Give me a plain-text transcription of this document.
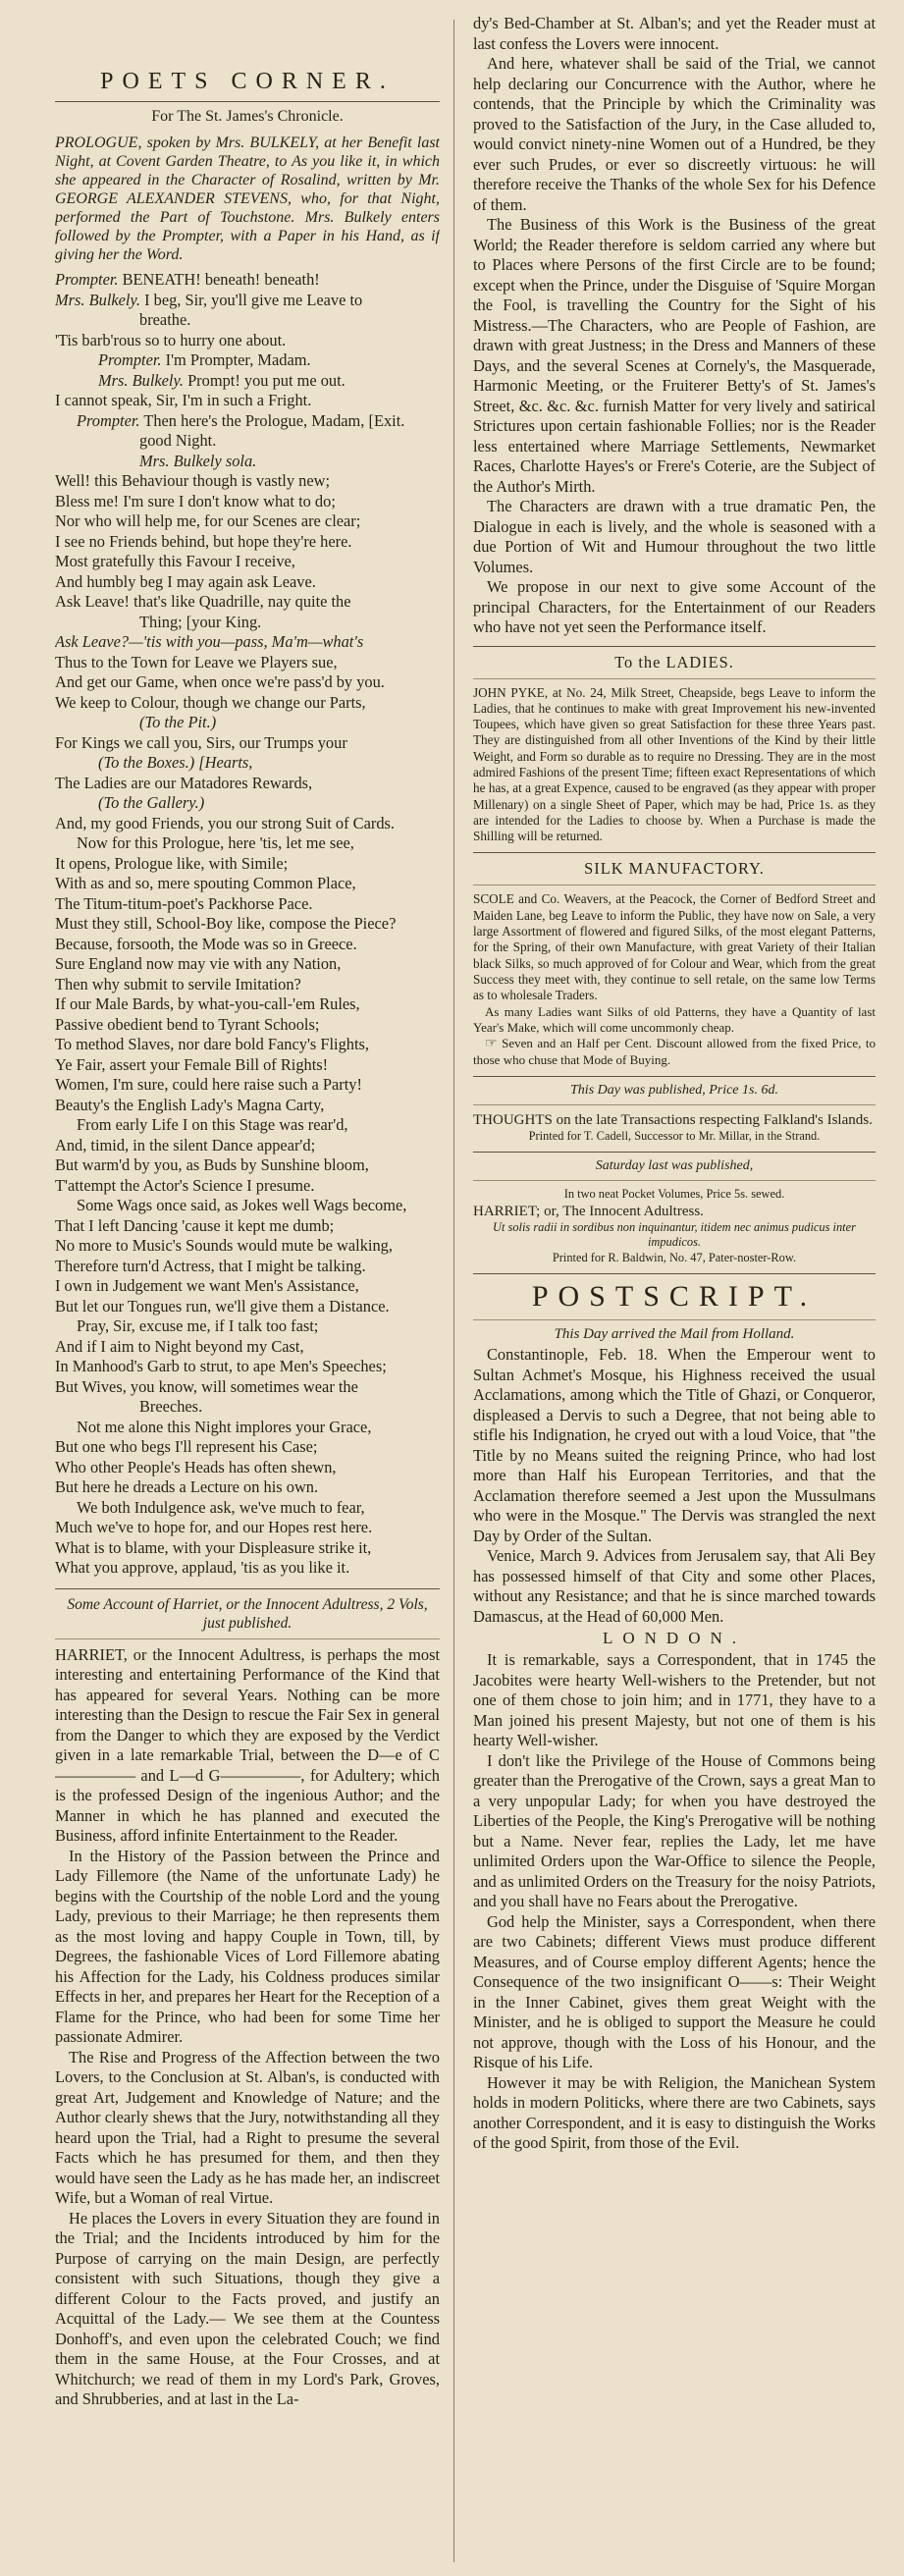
POETS CORNER.

For The St. James's Chronicle.

PROLOGUE, spoken by Mrs. BULKELY, at her Benefit last Night, at Covent Garden Theatre, to As you like it, in which she appeared in the Character of Rosalind, written by Mr. GEORGE ALEXANDER STEVENS, who, for that Night, performed the Part of Touchstone. Mrs. Bulkely enters followed by the Prompter, with a Paper in his Hand, as if giving her the Word.

Prompter. BENEATH! beneath! beneath!
Mrs. Bulkely. I beg, Sir, you'll give me Leave to
breathe.
'Tis barb'rous so to hurry one about.
Prompter. I'm Prompter, Madam.
Mrs. Bulkely. Prompt! you put me out.
I cannot speak, Sir, I'm in such a Fright.
Prompter. Then here's the Prologue, Madam, [Exit.
good Night.
Mrs. Bulkely sola.
Well! this Behaviour though is vastly new;
Bless me! I'm sure I don't know what to do;
Nor who will help me, for our Scenes are clear;
I see no Friends behind, but hope they're here.
Most gratefully this Favour I receive,
And humbly beg I may again ask Leave.
Ask Leave! that's like Quadrille, nay quite the
Thing; [your King.
Ask Leave?—'tis with you—pass, Ma'm—what's
Thus to the Town for Leave we Players sue,
And get our Game, when once we're pass'd by you.
We keep to Colour, though we change our Parts,
(To the Pit.)
For Kings we call you, Sirs, our Trumps your
(To the Boxes.) [Hearts,
The Ladies are our Matadores Rewards,
(To the Gallery.)
And, my good Friends, you our strong Suit of Cards.
Now for this Prologue, here 'tis, let me see,
It opens, Prologue like, with Simile;
With as and so, mere spouting Common Place,
The Titum-titum-poet's Packhorse Pace.
Must they still, School-Boy like, compose the Piece?
Because, forsooth, the Mode was so in Greece.
Sure England now may vie with any Nation,
Then why submit to servile Imitation?
If our Male Bards, by what-you-call-'em Rules,
Passive obedient bend to Tyrant Schools;
To method Slaves, nor dare bold Fancy's Flights,
Ye Fair, assert your Female Bill of Rights!
Women, I'm sure, could here raise such a Party!
Beauty's the English Lady's Magna Carty,
From early Life I on this Stage was rear'd,
And, timid, in the silent Dance appear'd;
But warm'd by you, as Buds by Sunshine bloom,
T'attempt the Actor's Science I presume.
Some Wags once said, as Jokes well Wags become,
That I left Dancing 'cause it kept me dumb;
No more to Music's Sounds would mute be walking,
Therefore turn'd Actress, that I might be talking.
I own in Judgement we want Men's Assistance,
But let our Tongues run, we'll give them a Distance.
Pray, Sir, excuse me, if I talk too fast;
And if I aim to Night beyond my Cast,
In Manhood's Garb to strut, to ape Men's Speeches;
But Wives, you know, will sometimes wear the
Breeches.
Not me alone this Night implores your Grace,
But one who begs I'll represent his Case;
Who other People's Heads has often shewn,
But here he dreads a Lecture on his own.
We both Indulgence ask, we've much to fear,
Much we've to hope for, and our Hopes rest here.
What is to blame, with your Displeasure strike it,
What you approve, applaud, 'tis as you like it.

Some Account of Harriet, or the Innocent Adultress, 2 Vols, just published.

HARRIET, or the Innocent Adultress, is perhaps the most interesting and entertaining Performance of the Kind that has appeared for several Years. Nothing can be more interesting than the Design to rescue the Fair Sex in general from the Danger to which they are exposed by the Verdict given in a late remarkable Trial, between the D—e of C————— and L—d G—————, for Adultery; which is the professed Design of the ingenious Author; and the Manner in which he has planned and executed the Business, afford infinite Entertainment to the Reader.

In the History of the Passion between the Prince and Lady Fillemore (the Name of the unfortunate Lady) he begins with the Courtship of the noble Lord and the young Lady, previous to their Marriage; he then represents them as the most loving and happy Couple in Town, till, by Degrees, the fashionable Vices of Lord Fillemore abating his Affection for the Lady, his Coldness produces similar Effects in her, and prepares her Heart for the Reception of a Flame for the Prince, who had been for some Time her passionate Admirer.

The Rise and Progress of the Affection between the two Lovers, to the Conclusion at St. Alban's, is conducted with great Art, Judgement and Knowledge of Nature; and the Author clearly shews that the Jury, notwithstanding all they heard upon the Trial, had a Right to presume the several Facts which he has presumed for them, and then they would have seen the Lady as he has made her, an indiscreet Wife, but a Woman of real Virtue.

He places the Lovers in every Situation they are found in the Trial; and the Incidents introduced by him for the Purpose of carrying on the main Design, are perfectly consistent with such Situations, though they give a different Colour to the Facts proved, and justify an Acquittal of the Lady.— We see them at the Countess Donhoff's, and even upon the celebrated Couch; we find them in the same House, at the Four Crosses, and at Whitchurch; we read of them in my Lord's Park, Groves, and Shrubberies, and at last in the La-

dy's Bed-Chamber at St. Alban's; and yet the Reader must at last confess the Lovers were innocent.

And here, whatever shall be said of the Trial, we cannot help declaring our Concurrence with the Author, where he contends, that the Principle by which the Criminality was proved to the Satisfaction of the Jury, in the Case alluded to, would convict ninety-nine Women out of a Hundred, be they ever such Prudes, or ever so discreetly virtuous: he will therefore receive the Thanks of the whole Sex for his Defence of them.

The Business of this Work is the Business of the great World; the Reader therefore is seldom carried any where but to Places where Persons of the first Circle are to be found; except when the Prince, under the Disguise of 'Squire Morgan the Fool, is travelling the Country for the Sight of his Mistress.—The Characters, who are People of Fashion, are drawn with great Justness; in the Dress and Manners of these Days, and the several Scenes at Cornely's, the Masquerade, Harmonic Meeting, or the Fruiterer Betty's of St. James's Street, &c. &c. &c. furnish Matter for very lively and satirical Strictures upon certain fashionable Follies; nor is the Reader less entertained where Marriage Settlements, Newmarket Races, Charlotte Hayes's or Frere's Coterie, are the Subject of the Author's Mirth.

The Characters are drawn with a true dramatic Pen, the Dialogue in each is lively, and the whole is seasoned with a due Portion of Wit and Humour throughout the two little Volumes.

We propose in our next to give some Account of the principal Characters, for the Entertainment of our Readers who have not yet seen the Performance itself.

To the LADIES.

JOHN PYKE, at No. 24, Milk Street, Cheapside, begs Leave to inform the Ladies, that he continues to make with great Improvement his new-invented Toupees, which have given so great Satisfaction for these three Years past. They are distinguished from all other Inventions of the Kind by their little Weight, and Form so durable as to require no Dressing. They are in the most admired Fashions of the present Time; fifteen exact Representations of which he has, at a great Expence, caused to be engraved (as they appear with proper Millenary) on a single Sheet of Paper, which may be had, Price 1s. as they are intended for the Ladies to choose by. When a Purchase is made the Shilling will be returned.

SILK MANUFACTORY.

SCOLE and Co. Weavers, at the Peacock, the Corner of Bedford Street and Maiden Lane, beg Leave to inform the Public, they have now on Sale, a very large Assortment of flowered and figured Silks, of the most elegant Patterns, for the Spring, of their own Manufacture, with great Variety of their Italian black Silks, so much approved of for Colour and Wear, which from the great Success they meet with, they continue to sell retale, on the same low Terms as to wholesale Traders.

As many Ladies want Silks of old Patterns, they have a Quantity of last Year's Make, which will come uncommonly cheap.

☞ Seven and an Half per Cent. Discount allowed from the fixed Price, to those who chuse that Mode of Buying.

This Day was published, Price 1s. 6d.

THOUGHTS on the late Transactions respecting Falkland's Islands.

Printed for T. Cadell, Successor to Mr. Millar, in the Strand.

Saturday last was published,

In two neat Pocket Volumes, Price 5s. sewed.

HARRIET; or, The Innocent Adultress.

Ut solis radii in sordibus non inquinantur, itidem nec animus pudicus inter impudicos.

Printed for R. Baldwin, No. 47, Pater-noster-Row.

POSTSCRIPT.

This Day arrived the Mail from Holland.

Constantinople, Feb. 18. When the Emperour went to Sultan Achmet's Mosque, his Highness received the usual Acclamations, among which the Title of Ghazi, or Conqueror, displeased a Dervis to such a Degree, that not being able to stifle his Indignation, he cryed out with a loud Voice, that "the Title by no Means suited the reigning Prince, who had lost more than Half his European Territories, and that the Acclamation therefore seemed a Jest upon the Mussulmans who were in the Mosque." The Dervis was strangled the next Day by Order of the Sultan.

Venice, March 9. Advices from Jerusalem say, that Ali Bey has possessed himself of that City and some other Places, without any Resistance; and that he is since marched towards Damascus, at the Head of 60,000 Men.

LONDON.

It is remarkable, says a Correspondent, that in 1745 the Jacobites were hearty Well-wishers to the Pretender, but not one of them chose to join him; and in 1771, they have to a Man joined his present Majesty, but not one of them is his hearty Well-wisher.

I don't like the Privilege of the House of Commons being greater than the Prerogative of the Crown, says a great Man to a very unpopular Lady; for when you have destroyed the Liberties of the People, the King's Prerogative will be nothing but a Name. Never fear, replies the Lady, let me have unlimited Orders upon the War-Office to silence the People, and as unlimited Orders on the Treasury for the noisy Patriots, and you shall have no Fears about the Prerogative.

God help the Minister, says a Correspondent, when there are two Cabinets; different Views must produce different Measures, and of Course employ different Agents; hence the Consequence of the two insignificant O——s: Their Weight in the Inner Cabinet, gives them great Weight with the Minister, and he is obliged to support the Measure he could not approve, though with the Loss of his Honour, and the Risque of his Life.

However it may be with Religion, the Manichean System holds in modern Politicks, where there are two Cabinets, says another Correspondent, and it is easy to distinguish the Works of the good Spirit, from those of the Evil.
